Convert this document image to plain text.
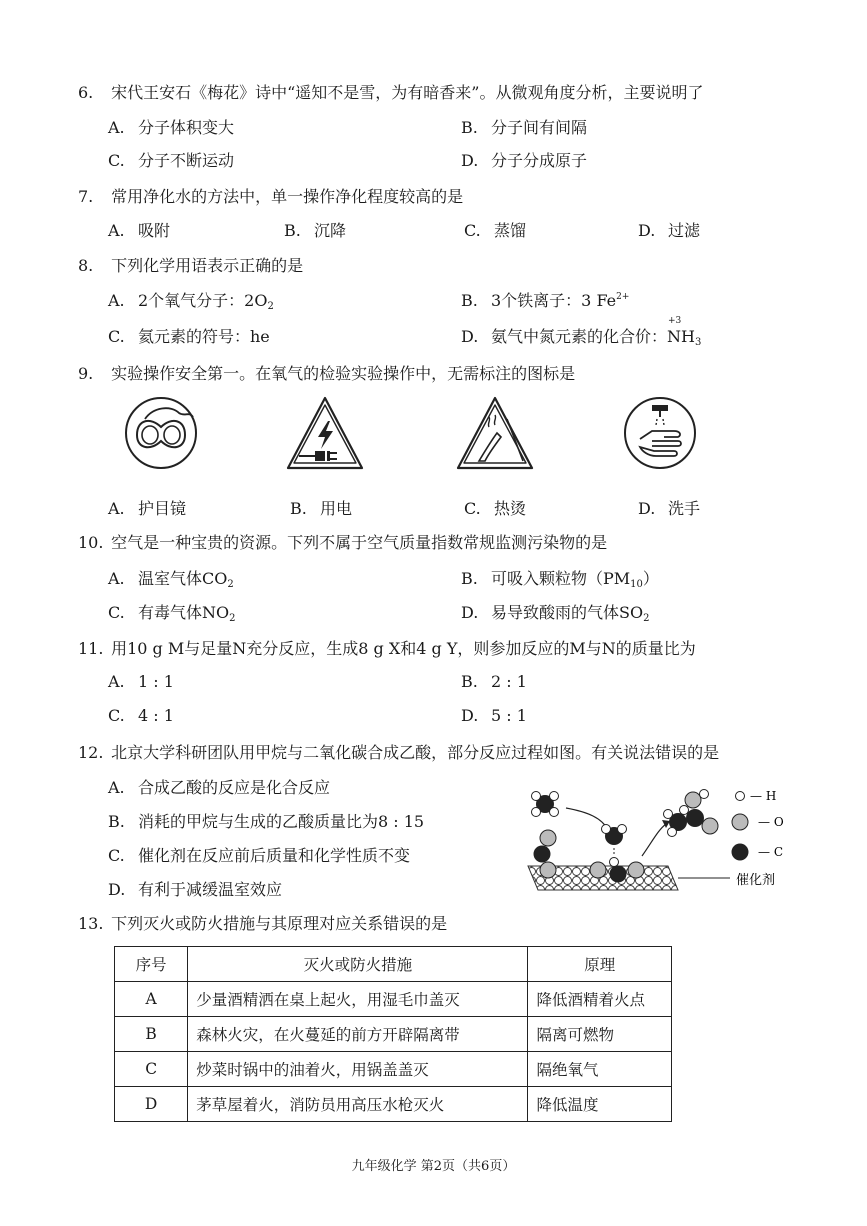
6. 宋代王安石《梅花》诗中“遥知不是雪，为有暗香来”。从微观角度分析，主要说明了
A. 分子体积变大	B. 分子间有间隔
C. 分子不断运动	D. 分子分成原子
7. 常用净化水的方法中，单一操作净化程度较高的是
A. 吸附	B. 沉降	C. 蒸馏	D. 过滤
8. 下列化学用语表示正确的是
A. 2个氧气分子：$2O_2$	B. 3个铁离子：3 $Fe^{2+}$
C. 氦元素的符号：he	D. 氨气中氮元素的化合价：
+3
$NH_3$
9. 实验操作安全第一。在氧气的检验实验操作中，无需标注的图标是
A. 护目镜	B. 用电	C. 热烫	D. 洗手
10. 空气是一种宝贵的资源。下列不属于空气质量指数常规监测污染物的是
A. 温室气体$CO_2$	B. 可吸入颗粒物$(PM_{10})$
C. 有毒气体$NO_2$	D. 易导致酸雨的气体$SO_2$
11. 用10 g M与足量N充分反应，生成8 g X和4 g Y，则参加反应的M与N的质量比为
A. 1 : 1	B. 2 : 1
C. 4 : 1	D. 5 : 1
12. 北京大学科研团队用甲烷与二氧化碳合成乙酸，部分反应过程如图。有关说法错误的是
A. 合成乙酸的反应是化合反应
B. 消耗的甲烷与生成的乙酸质量比为8 : 15
C. 催化剂在反应前后质量和化学性质不变
D. 有利于减缓温室效应	催化剂
— H
— O
— C
13. 下列灭火或防火措施与其原理对应关系错误的是
序号	灭火或防火措施	原理
A	少量酒精洒在桌上起火，用湿毛巾盖灭	降低酒精着火点
B	森林火灾，在火蔓延的前方开辟隔离带	隔离可燃物
C	炒菜时锅中的油着火，用锅盖盖灭	隔绝氧气
D	茅草屋着火，消防员用高压水枪灭火	降低温度
九年级化学 第2页（共6页）
